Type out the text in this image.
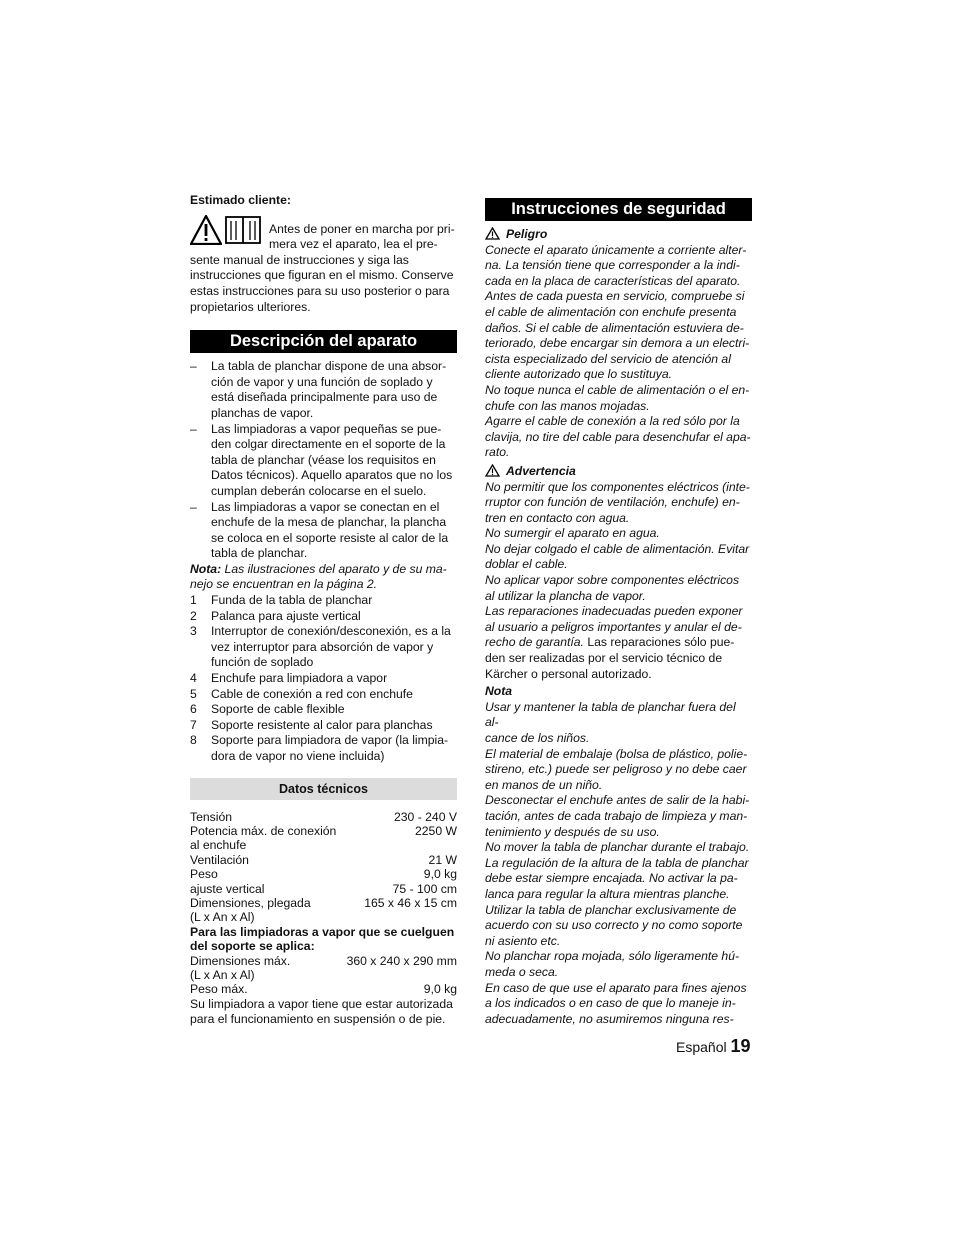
Estimado cliente:
Antes de poner en marcha por pri-
mera vez el aparato, lea el pre-
sente manual de instrucciones y siga las
instrucciones que figuran en el mismo. Conserve
estas instrucciones para su uso posterior o para
propietarios ulteriores.
Descripción del aparato
–	La tabla de planchar dispone de una absor-
ción de vapor y una función de soplado y
está diseñada principalmente para uso de
planchas de vapor.
–	Las limpiadoras a vapor pequeñas se pue-
den colgar directamente en el soporte de la
tabla de planchar (véase los requisitos en
Datos técnicos). Aquello aparatos que no los
cumplan deberán colocarse en el suelo.
–	Las limpiadoras a vapor se conectan en el
enchufe de la mesa de planchar, la plancha
se coloca en el soporte resiste al calor de la
tabla de planchar.
Nota: Las ilustraciones del aparato y de su ma-
nejo se encuentran en la página 2.
1	Funda de la tabla de planchar
2	Palanca para ajuste vertical
3	Interruptor de conexión/desconexión, es a la
vez interruptor para absorción de vapor y
función de soplado
4	Enchufe para limpiadora a vapor
5	Cable de conexión a red con enchufe
6	Soporte de cable flexible
7	Soporte resistente al calor para planchas
8	Soporte para limpiadora de vapor (la limpia-
dora de vapor no viene incluida)
Datos técnicos
Tensión	230 - 240 V
Potencia máx. de conexión	2250 W
al enchufe
Ventilación	21 W
Peso	9,0 kg
ajuste vertical	75 - 100 cm
Dimensiones, plegada	165 x 46 x 15 cm
(L x An x Al)
Para las limpiadoras a vapor que se cuelguen
del soporte se aplica:
Dimensiones máx.	360 x 240 x 290 mm
(L x An x Al)
Peso máx.	9,0 kg
Su limpiadora a vapor tiene que estar autorizada
para el funcionamiento en suspensión o de pie.
Instrucciones de seguridad
Peligro
Conecte el aparato únicamente a corriente alter-
na. La tensión tiene que corresponder a la indi-
cada en la placa de características del aparato.
Antes de cada puesta en servicio, compruebe si
el cable de alimentación con enchufe presenta
daños. Si el cable de alimentación estuviera de-
teriorado, debe encargar sin demora a un electri-
cista especializado del servicio de atención al
cliente autorizado que lo sustituya.
No toque nunca el cable de alimentación o el en-
chufe con las manos mojadas.
Agarre el cable de conexión a la red sólo por la
clavija, no tire del cable para desenchufar el apa-
rato.
Advertencia
No permitir que los componentes eléctricos (inte-
rruptor con función de ventilación, enchufe) en-
tren en contacto con agua.
No sumergir el aparato en agua.
No dejar colgado el cable de alimentación. Evitar
doblar el cable.
No aplicar vapor sobre componentes eléctricos
al utilizar la plancha de vapor.
Las reparaciones inadecuadas pueden exponer
al usuario a peligros importantes y anular el de-
recho de garantía. Las reparaciones sólo pue-
den ser realizadas por el servicio técnico de
Kärcher o personal autorizado.
Nota
Usar y mantener la tabla de planchar fuera del al-
cance de los niños.
El material de embalaje (bolsa de plástico, polie-
stireno, etc.) puede ser peligroso y no debe caer
en manos de un niño.
Desconectar el enchufe antes de salir de la habi-
tación, antes de cada trabajo de limpieza y man-
tenimiento y después de su uso.
No mover la tabla de planchar durante el trabajo.
La regulación de la altura de la tabla de planchar
debe estar siempre encajada. No activar la pa-
lanca para regular la altura mientras planche.
Utilizar la tabla de planchar exclusivamente de
acuerdo con su uso correcto y no como soporte
ni asiento etc.
No planchar ropa mojada, sólo ligeramente hú-
meda o seca.
En caso de que use el aparato para fines ajenos
a los indicados o en caso de que lo maneje in-
adecuadamente, no asumiremos ninguna res-
Español 19
